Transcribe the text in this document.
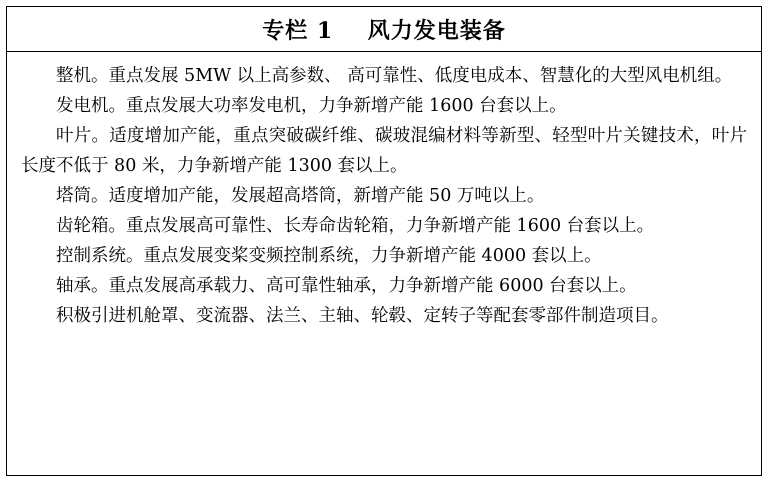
专栏 1    风力发电装备

整机。重点发展 5MW 以上高参数、 高可靠性、低度电成本、智慧化的大型风电机组。

发电机。重点发展大功率发电机，力争新增产能 1600 台套以上。

叶片。适度增加产能，重点突破碳纤维、碳玻混编材料等新型、轻型叶片关键技术，叶片长度不低于 80 米，力争新增产能 1300 套以上。

塔筒。适度增加产能，发展超高塔筒，新增产能 50 万吨以上。

齿轮箱。重点发展高可靠性、长寿命齿轮箱，力争新增产能 1600 台套以上。

控制系统。重点发展变桨变频控制系统，力争新增产能 4000 套以上。

轴承。重点发展高承载力、高可靠性轴承，力争新增产能 6000 台套以上。

积极引进机舱罩、变流器、法兰、主轴、轮毂、定转子等配套零部件制造项目。
